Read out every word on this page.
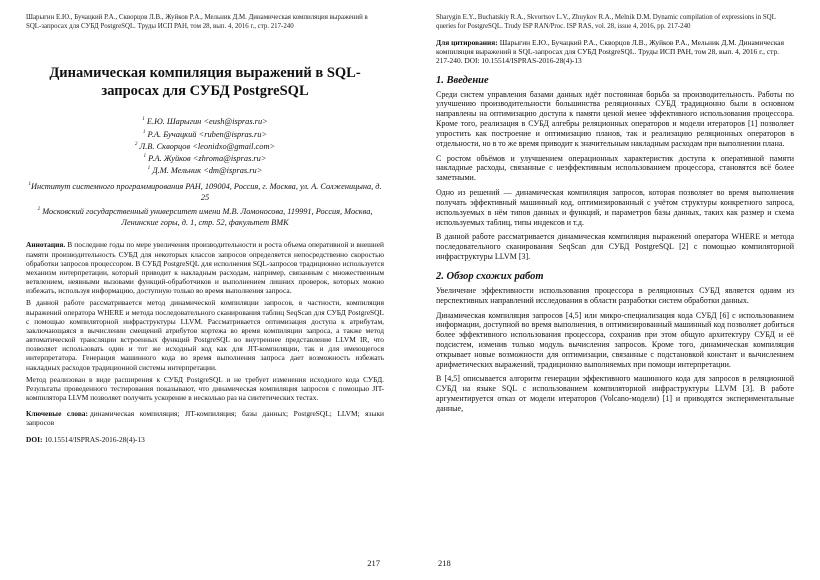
Шарыгин Е.Ю., Бучацкий Р.А., Скворцов Л.В., Жуйков Р.А., Мельник Д.М. Динамическая компиляция выражений в SQL-запросах для СУБД PostgreSQL. Труды ИСП РАН, том 28, вып. 4, 2016 г., стр. 217-240
Динамическая компиляция выражений в SQL-запросах для СУБД PostgreSQL
$^1$ Е.Ю. Шарыгин <eush@ispras.ru>
$^1$ Р.А. Бучацкий <ruben@ispras.ru>
$^2$ Л.В. Скворцов <leonidxo@gmail.com>
$^1$ Р.А. Жуйков <zhroma@ispras.ru>
$^1$ Д.М. Мельник <dm@ispras.ru>
$^1$Институт системного программирования РАН, 109004, Россия, г. Москва, ул. А. Солженицына, д. 25
$^2$ Московский государственный университет имени М.В. Ломоносова, 119991, Россия, Москва, Ленинские горы, д. 1, стр. 52, факультет ВМК

Аннотация. В последние годы по мере увеличения производительности и роста объема оперативной и внешней памяти производительность СУБД для некоторых классов запросов определяется непосредственно скоростью обработки запросов процессором. В СУБД PostgreSQL для исполнения SQL-запросов традиционно используется механизм интерпретации, который приводит к накладным расходам, например, связанным с множественным ветвлением, неявными вызовами функций-обработчиков и выполнением лишних проверок, которых можно избежать, используя информацию, доступную только во время выполнения запроса.

В данной работе рассматривается метод динамической компиляции запросов, в частности, компиляция выражений оператора WHERE и метода последовательного сканирования таблиц SeqScan для СУБД PostgreSQL с помощью компиляторной инфраструктуры LLVM. Рассматривается оптимизация доступа к атрибутам, заключающаяся в вычислении смещений атрибутов кортежа во время компиляции запроса, а также метод автоматической трансляции встроенных функций PostgreSQL во внутреннее представление LLVM IR, что позволяет использовать один и тот же исходный код как для JIT-компиляции, так и для имеющегося интерпретатора. Генерация машинного кода во время выполнения запроса дает возможность избежать накладных расходов традиционной системы интерпретации.

Метод реализован в виде расширения к СУБД PostgreSQL и не требует изменения исходного кода СУБД. Результаты проведенного тестирования показывают, что динамическая компиляция запросов с помощью JIT-компилятора LLVM позволяет получить ускорение в несколько раз на синтетических тестах.

Ключевые слова: динамическая компиляция; JIT-компиляция; базы данных; PostgreSQL; LLVM; языки запросов

DOI: 10.15514/ISPRAS-2016-28(4)-13

217
Sharygin E.Y., Buchatskiy R.A., Skvortsov L.V., Zhuykov R.A., Melnik D.M. Dynamic compilation of expressions in SQL queries for PostgreSQL. Trudy ISP RAN/Proc. ISP RAS, vol. 28, issue 4, 2016, pp. 217-240

Для цитирования: Шарыгин Е.Ю., Бучацкий Р.А., Скворцов Л.В., Жуйков Р.А., Мельник Д.М. Динамическая компиляция выражений в SQL-запросах для СУБД PostgreSQL. Труды ИСП РАН, том 28, вып. 4, 2016 г., стр. 217-240. DOI: 10.15514/ISPRAS-2016-28(4)-13

1. Введение

Среди систем управления базами данных идёт постоянная борьба за производительность. Работы по улучшению производительности большинства реляционных СУБД традиционно были в основном направлены на оптимизацию доступа к памяти ценой менее эффективного использования процессора. Кроме того, реализация в СУБД алгебры реляционных операторов и модели итераторов [1] позволяет упростить как построение и оптимизацию планов, так и реализацию реляционных операторов в отдельности, но в то же время приводит к значительным накладным расходам при выполнении плана.

С ростом объёмов и улучшением операционных характеристик доступа к оперативной памяти накладные расходы, связанные с неэффективным использованием процессора, становятся всё более заметными.

Одно из решений — динамическая компиляция запросов, которая позволяет во время выполнения получать эффективный машинный код, оптимизированный с учётом структуры конкретного запроса, используемых в нём типов данных и функций, и параметров базы данных, таких как размер и схема используемых таблиц, типы индексов и т.д.

В данной работе рассматривается динамическая компиляция выражений оператора WHERE и метода последовательного сканирования SeqScan для СУБД PostgreSQL [2] с помощью компиляторной инфраструктуры LLVM [3].

2. Обзор схожих работ

Увеличение эффективности использования процессора в реляционных СУБД является одним из перспективных направлений исследования в области разработки систем обработки данных.

Динамическая компиляция запросов [4,5] или микро-специализация кода СУБД [6] с использованием информации, доступной во время выполнения, в оптимизированный машинный код позволяет добиться более эффективного использования процессора, сохранив при этом общую архитектуру СУБД и её подсистем, изменив только модуль вычисления запросов. Кроме того, динамическая компиляция открывает новые возможности для оптимизации, связанные с подстановкой констант и вычислением арифметических выражений, традиционно выполняемых при помощи интерпретации.

В [4,5] описывается алгоритм генерации эффективного машинного кода для запросов в реляционной СУБД на языке SQL с использованием компиляторной инфраструктуры LLVM [3]. В работе аргументируется отказ от модели итераторов (Volcano-модели) [1] и приводятся экспериментальные данные,

218
